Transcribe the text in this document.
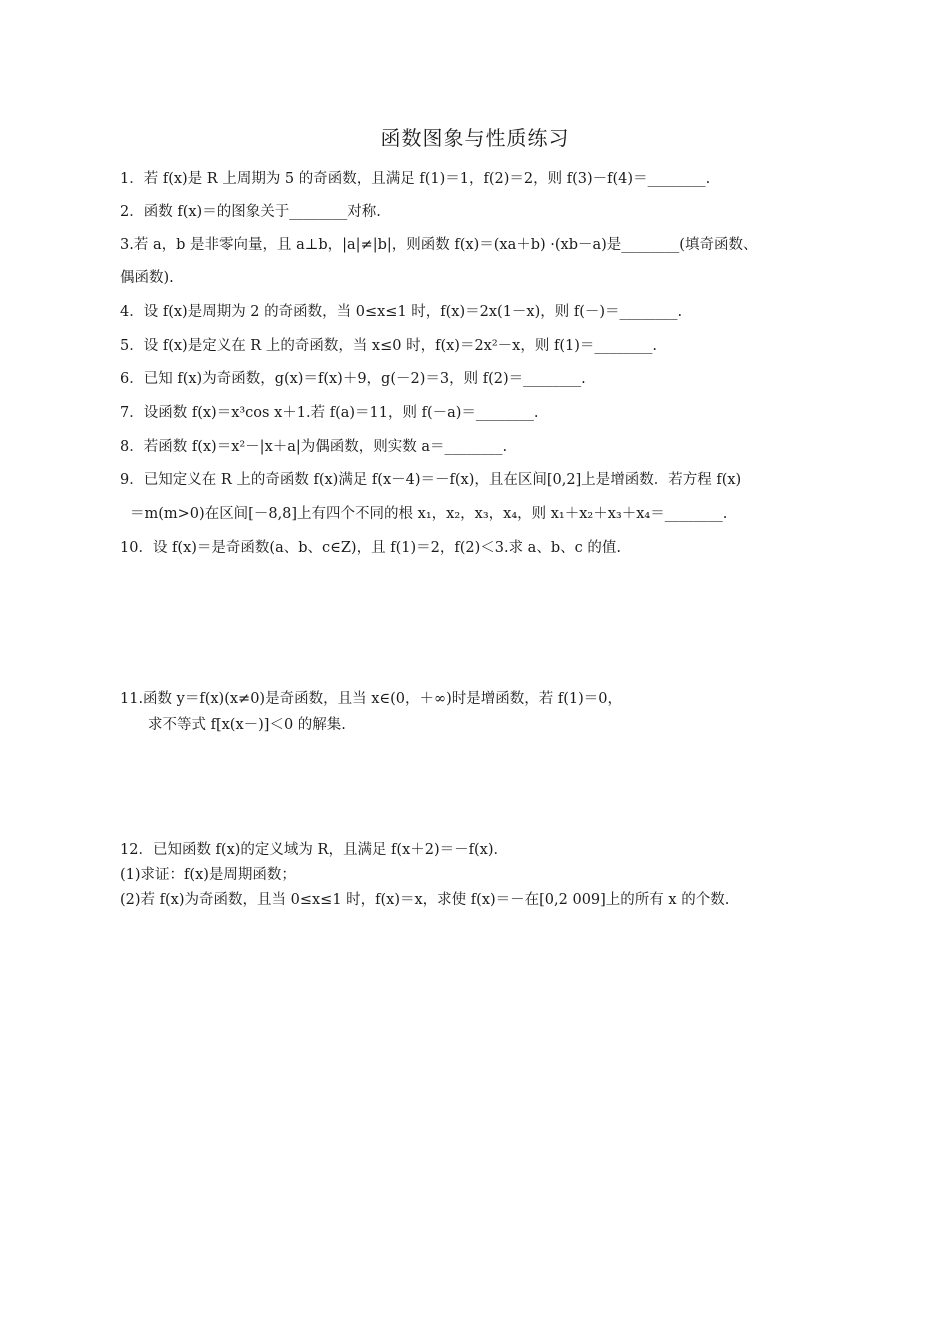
函数图象与性质练习
1．若 f(x)是 R 上周期为 5 的奇函数，且满足 f(1)＝1，f(2)＝2，则 f(3)－f(4)＝________.
2．函数 f(x)＝的图象关于________对称.
3.若 a，b 是非零向量，且 a⊥b，|a|≠|b|，则函数 f(x)＝(xa＋b) ·(xb－a)是________(填奇函数、
偶函数).
4．设 f(x)是周期为 2 的奇函数，当 0≤x≤1 时，f(x)＝2x(1－x)，则 f(－)＝________.
5．设 f(x)是定义在 R 上的奇函数，当 x≤0 时，f(x)＝2x²－x，则 f(1)＝________.
6．已知 f(x)为奇函数，g(x)＝f(x)＋9，g(－2)＝3，则 f(2)＝________.
7．设函数 f(x)＝x³cos x＋1.若 f(a)＝11，则 f(－a)＝________.
8．若函数 f(x)＝x²－|x＋a|为偶函数，则实数 a＝________.
9．已知定义在 R 上的奇函数 f(x)满足 f(x－4)＝－f(x)，且在区间[0,2]上是增函数．若方程 f(x)
＝m(m>0)在区间[－8,8]上有四个不同的根 x₁，x₂，x₃，x₄，则 x₁＋x₂＋x₃＋x₄＝________.
10．设 f(x)＝是奇函数(a、b、c∈Z)，且 f(1)＝2，f(2)＜3.求 a、b、c 的值.
11.函数 y＝f(x)(x≠0)是奇函数，且当 x∈(0，＋∞)时是增函数，若 f(1)＝0，
求不等式 f[x(x－)]＜0 的解集.
12．已知函数 f(x)的定义域为 R，且满足 f(x＋2)＝－f(x)．
(1)求证：f(x)是周期函数；
(2)若 f(x)为奇函数，且当 0≤x≤1 时，f(x)＝x，求使 f(x)＝－在[0,2 009]上的所有 x 的个数.
